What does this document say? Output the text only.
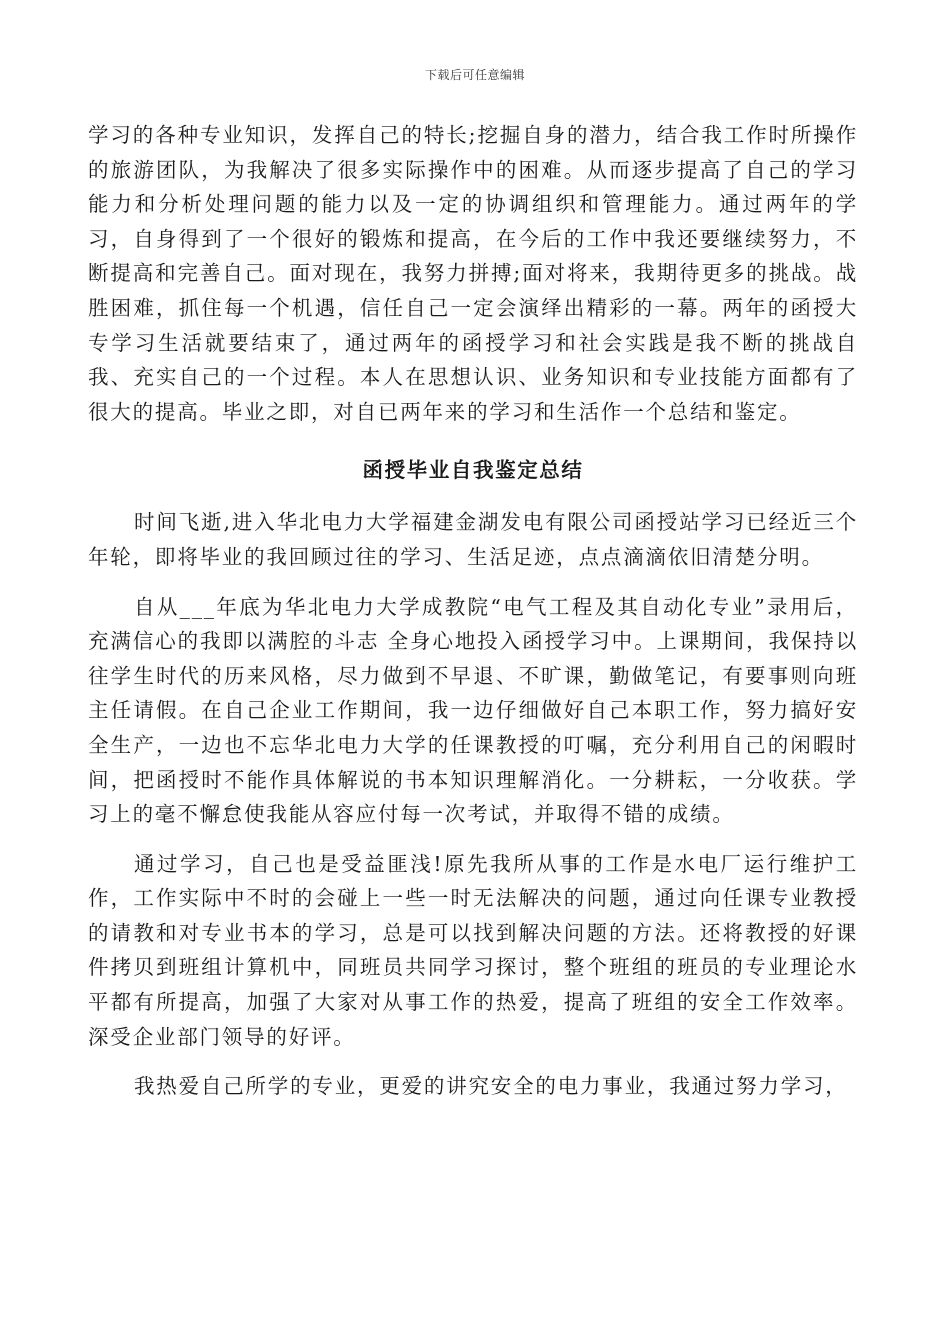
下载后可任意编辑

学习的各种专业知识，发挥自己的特长;挖掘自身的潜力，结合我工作时所操作的旅游团队，为我解决了很多实际操作中的困难。从而逐步提高了自己的学习能力和分析处理问题的能力以及一定的协调组织和管理能力。通过两年的学习，自身得到了一个很好的锻炼和提高，在今后的工作中我还要继续努力，不断提高和完善自己。面对现在，我努力拼搏;面对将来，我期待更多的挑战。战胜困难，抓住每一个机遇，信任自己一定会演绎出精彩的一幕。两年的函授大专学习生活就要结束了，通过两年的函授学习和社会实践是我不断的挑战自我、充实自己的一个过程。本人在思想认识、业务知识和专业技能方面都有了很大的提高。毕业之即，对自已两年来的学习和生活作一个总结和鉴定。

函授毕业自我鉴定总结

时间飞逝,进入华北电力大学福建金湖发电有限公司函授站学习已经近三个年轮，即将毕业的我回顾过往的学习、生活足迹，点点滴滴依旧清楚分明。

自从___年底为华北电力大学成教院“电气工程及其自动化专业”录用后，充满信心的我即以满腔的斗志 全身心地投入函授学习中。上课期间，我保持以往学生时代的历来风格，尽力做到不早退、不旷课，勤做笔记，有要事则向班主任请假。在自己企业工作期间，我一边仔细做好自己本职工作，努力搞好安全生产，一边也不忘华北电力大学的任课教授的叮嘱，充分利用自己的闲暇时间，把函授时不能作具体解说的书本知识理解消化。一分耕耘，一分收获。学习上的毫不懈怠使我能从容应付每一次考试，并取得不错的成绩。

通过学习，自己也是受益匪浅!原先我所从事的工作是水电厂运行维护工作，工作实际中不时的会碰上一些一时无法解决的问题，通过向任课专业教授的请教和对专业书本的学习，总是可以找到解决问题的方法。还将教授的好课件拷贝到班组计算机中，同班员共同学习探讨，整个班组的班员的专业理论水平都有所提高，加强了大家对从事工作的热爱，提高了班组的安全工作效率。深受企业部门领导的好评。

我热爱自己所学的专业，更爱的讲究安全的电力事业，我通过努力学习，
